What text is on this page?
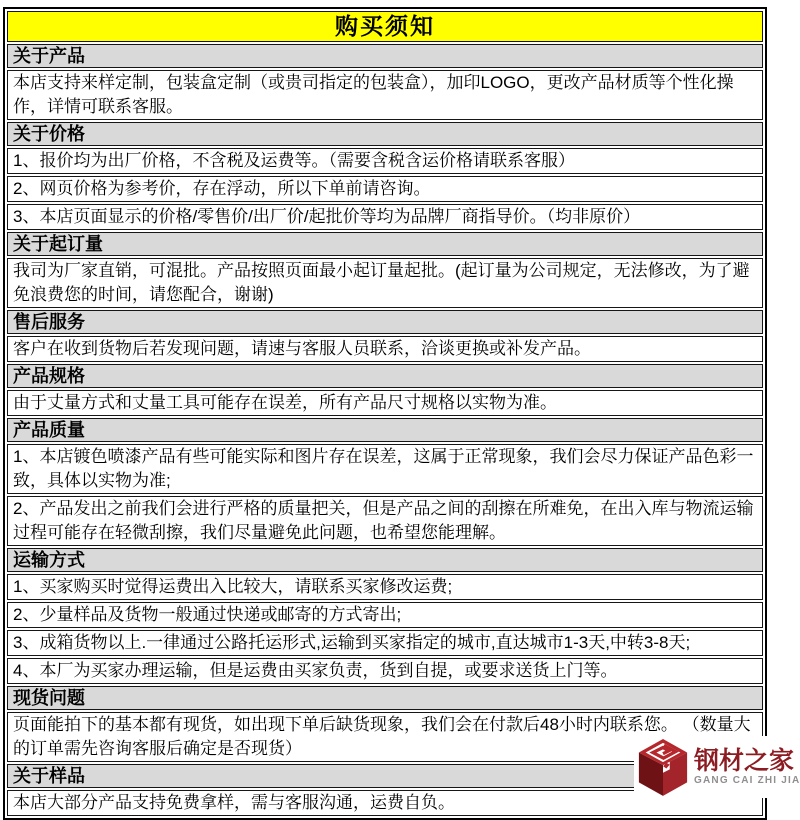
购买须知
关于产品
本店支持来样定制，包装盒定制（或贵司指定的包装盒），加印LOGO，更改产品材质等个性化操作，详情可联系客服。
关于价格
1、报价均为出厂价格，不含税及运费等。（需要含税含运价格请联系客服）
2、网页价格为参考价，存在浮动，所以下单前请咨询。
3、本店页面显示的价格/零售价/出厂价/起批价等均为品牌厂商指导价。（均非原价）
关于起订量
我司为厂家直销，可混批。产品按照页面最小起订量起批。(起订量为公司规定，无法修改，为了避免浪费您的时间，请您配合，谢谢)
售后服务
客户在收到货物后若发现问题，请速与客服人员联系，洽谈更换或补发产品。
产品规格
由于丈量方式和丈量工具可能存在误差，所有产品尺寸规格以实物为准。
产品质量
1、本店镀色喷漆产品有些可能实际和图片存在误差，这属于正常现象，我们会尽力保证产品色彩一致，具体以实物为准;
2、产品发出之前我们会进行严格的质量把关，但是产品之间的刮擦在所难免，在出入库与物流运输过程可能存在轻微刮擦，我们尽量避免此问题，也希望您能理解。
运输方式
1、买家购买时觉得运费出入比较大，请联系买家修改运费;
2、少量样品及货物一般通过快递或邮寄的方式寄出;
3、成箱货物以上.一律通过公路托运形式,运输到买家指定的城市,直达城市1-3天,中转3-8天;
4、本厂为买家办理运输，但是运费由买家负责，货到自提，或要求送货上门等。
现货问题
页面能拍下的基本都有现货，如出现下单后缺货现象，我们会在付款后48小时内联系您。 （数量大的订单需先咨询客服后确定是否现货）
关于样品
本店大部分产品支持免费拿样，需与客服沟通，运费自负。
钢材之家
GANG CAI ZHI JIA
